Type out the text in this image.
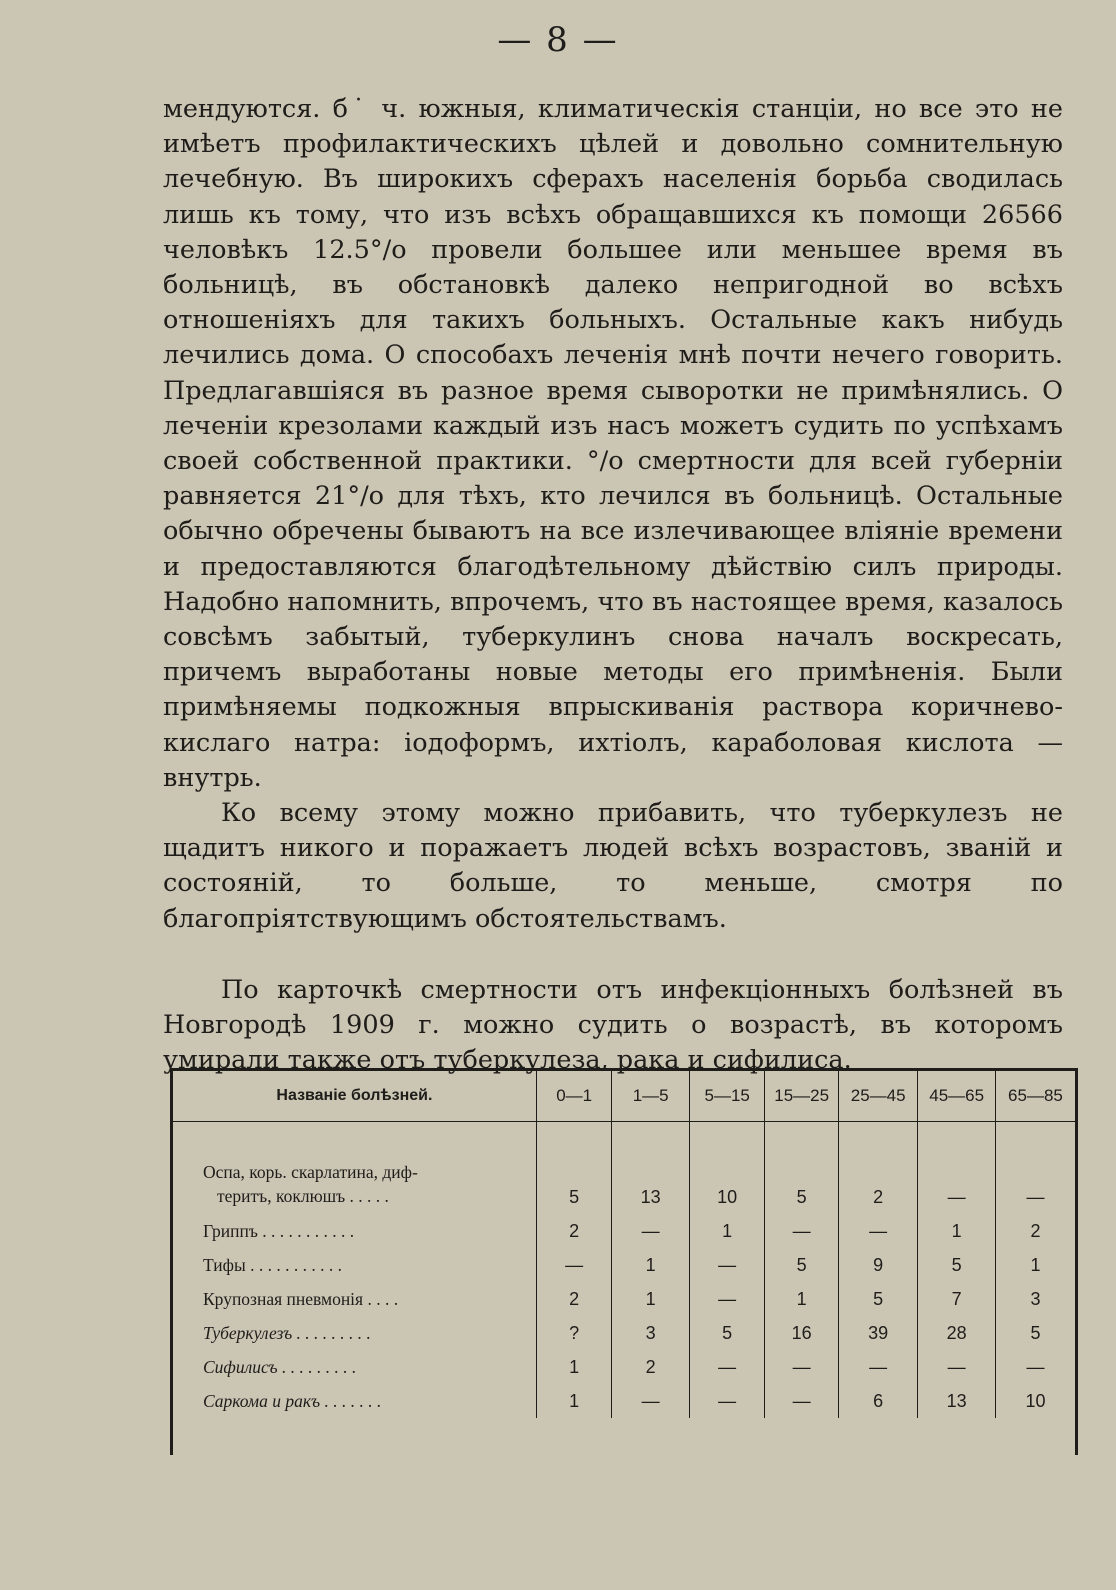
— 8 —

мендуются. б˙ ч. южныя, климатическія станціи, но все это не имѣетъ профилактическихъ цѣлей и довольно сомнительную лечебную. Въ широкихъ сферахъ населенія борьба сводилась лишь къ тому, что изъ всѣхъ обращавшихся къ помощи 26566 человѣкъ 12.5°/о провели большее или меньшее время въ больницѣ, въ обстановкѣ далеко непригодной во всѣхъ отношеніяхъ для такихъ больныхъ. Остальные какъ нибудь лечились дома. О способахъ леченія мнѣ почти нечего говорить. Предлагавшіяся въ разное время сыворотки не примѣнялись. О леченіи крезолами каждый изъ насъ можетъ судить по успѣхамъ своей собственной практики. °/о смертности для всей губерніи равняется 21°/о для тѣхъ, кто лечился въ больницѣ. Остальные обычно обречены бываютъ на все излечивающее вліяніе времени и предоставляются благодѣтельному дѣйствію силъ природы. Надобно напомнить, впрочемъ, что въ настоящее время, казалось совсѣмъ забытый, туберкулинъ снова началъ воскресать, причемъ выработаны новые методы его примѣненія. Были примѣняемы подкожныя впрыскиванія раствора коричнево-кислаго натра: іодоформъ, ихтіолъ, караболовая кислота — внутрь.

Ко всему этому можно прибавить, что туберкулезъ не щадитъ никого и поражаетъ людей всѣхъ возрастовъ, званій и состояній, то больше, то меньше, смотря по благопріятствующимъ обстоятельствамъ.

По карточкѣ смертности отъ инфекціонныхъ болѣзней въ Новгородѣ 1909 г. можно судить о возрастѣ, въ которомъ умирали также отъ туберкулеза, рака и сифилиса.

Названіе болѣзней.	0—1	1—5	5—15	15—25	25—45	45—65	65—85
Оспа, корь. скарлатина, диф-
теритъ, коклюшъ . . . . .	5	13	10	5	2	—	—
Гриппъ . . . . . . . . . . .	2	—	1	—	—	1	2
Тифы . . . . . . . . . . .	—	1	—	5	9	5	1
Крупозная пневмонія . . . .	2	1	—	1	5	7	3
Туберкулезъ . . . . . . . . .	?	3	5	16	39	28	5
Сифилисъ . . . . . . . . .	1	2	—	—	—	—	—
Саркома и ракъ . . . . . . .	1	—	—	—	6	13	10
